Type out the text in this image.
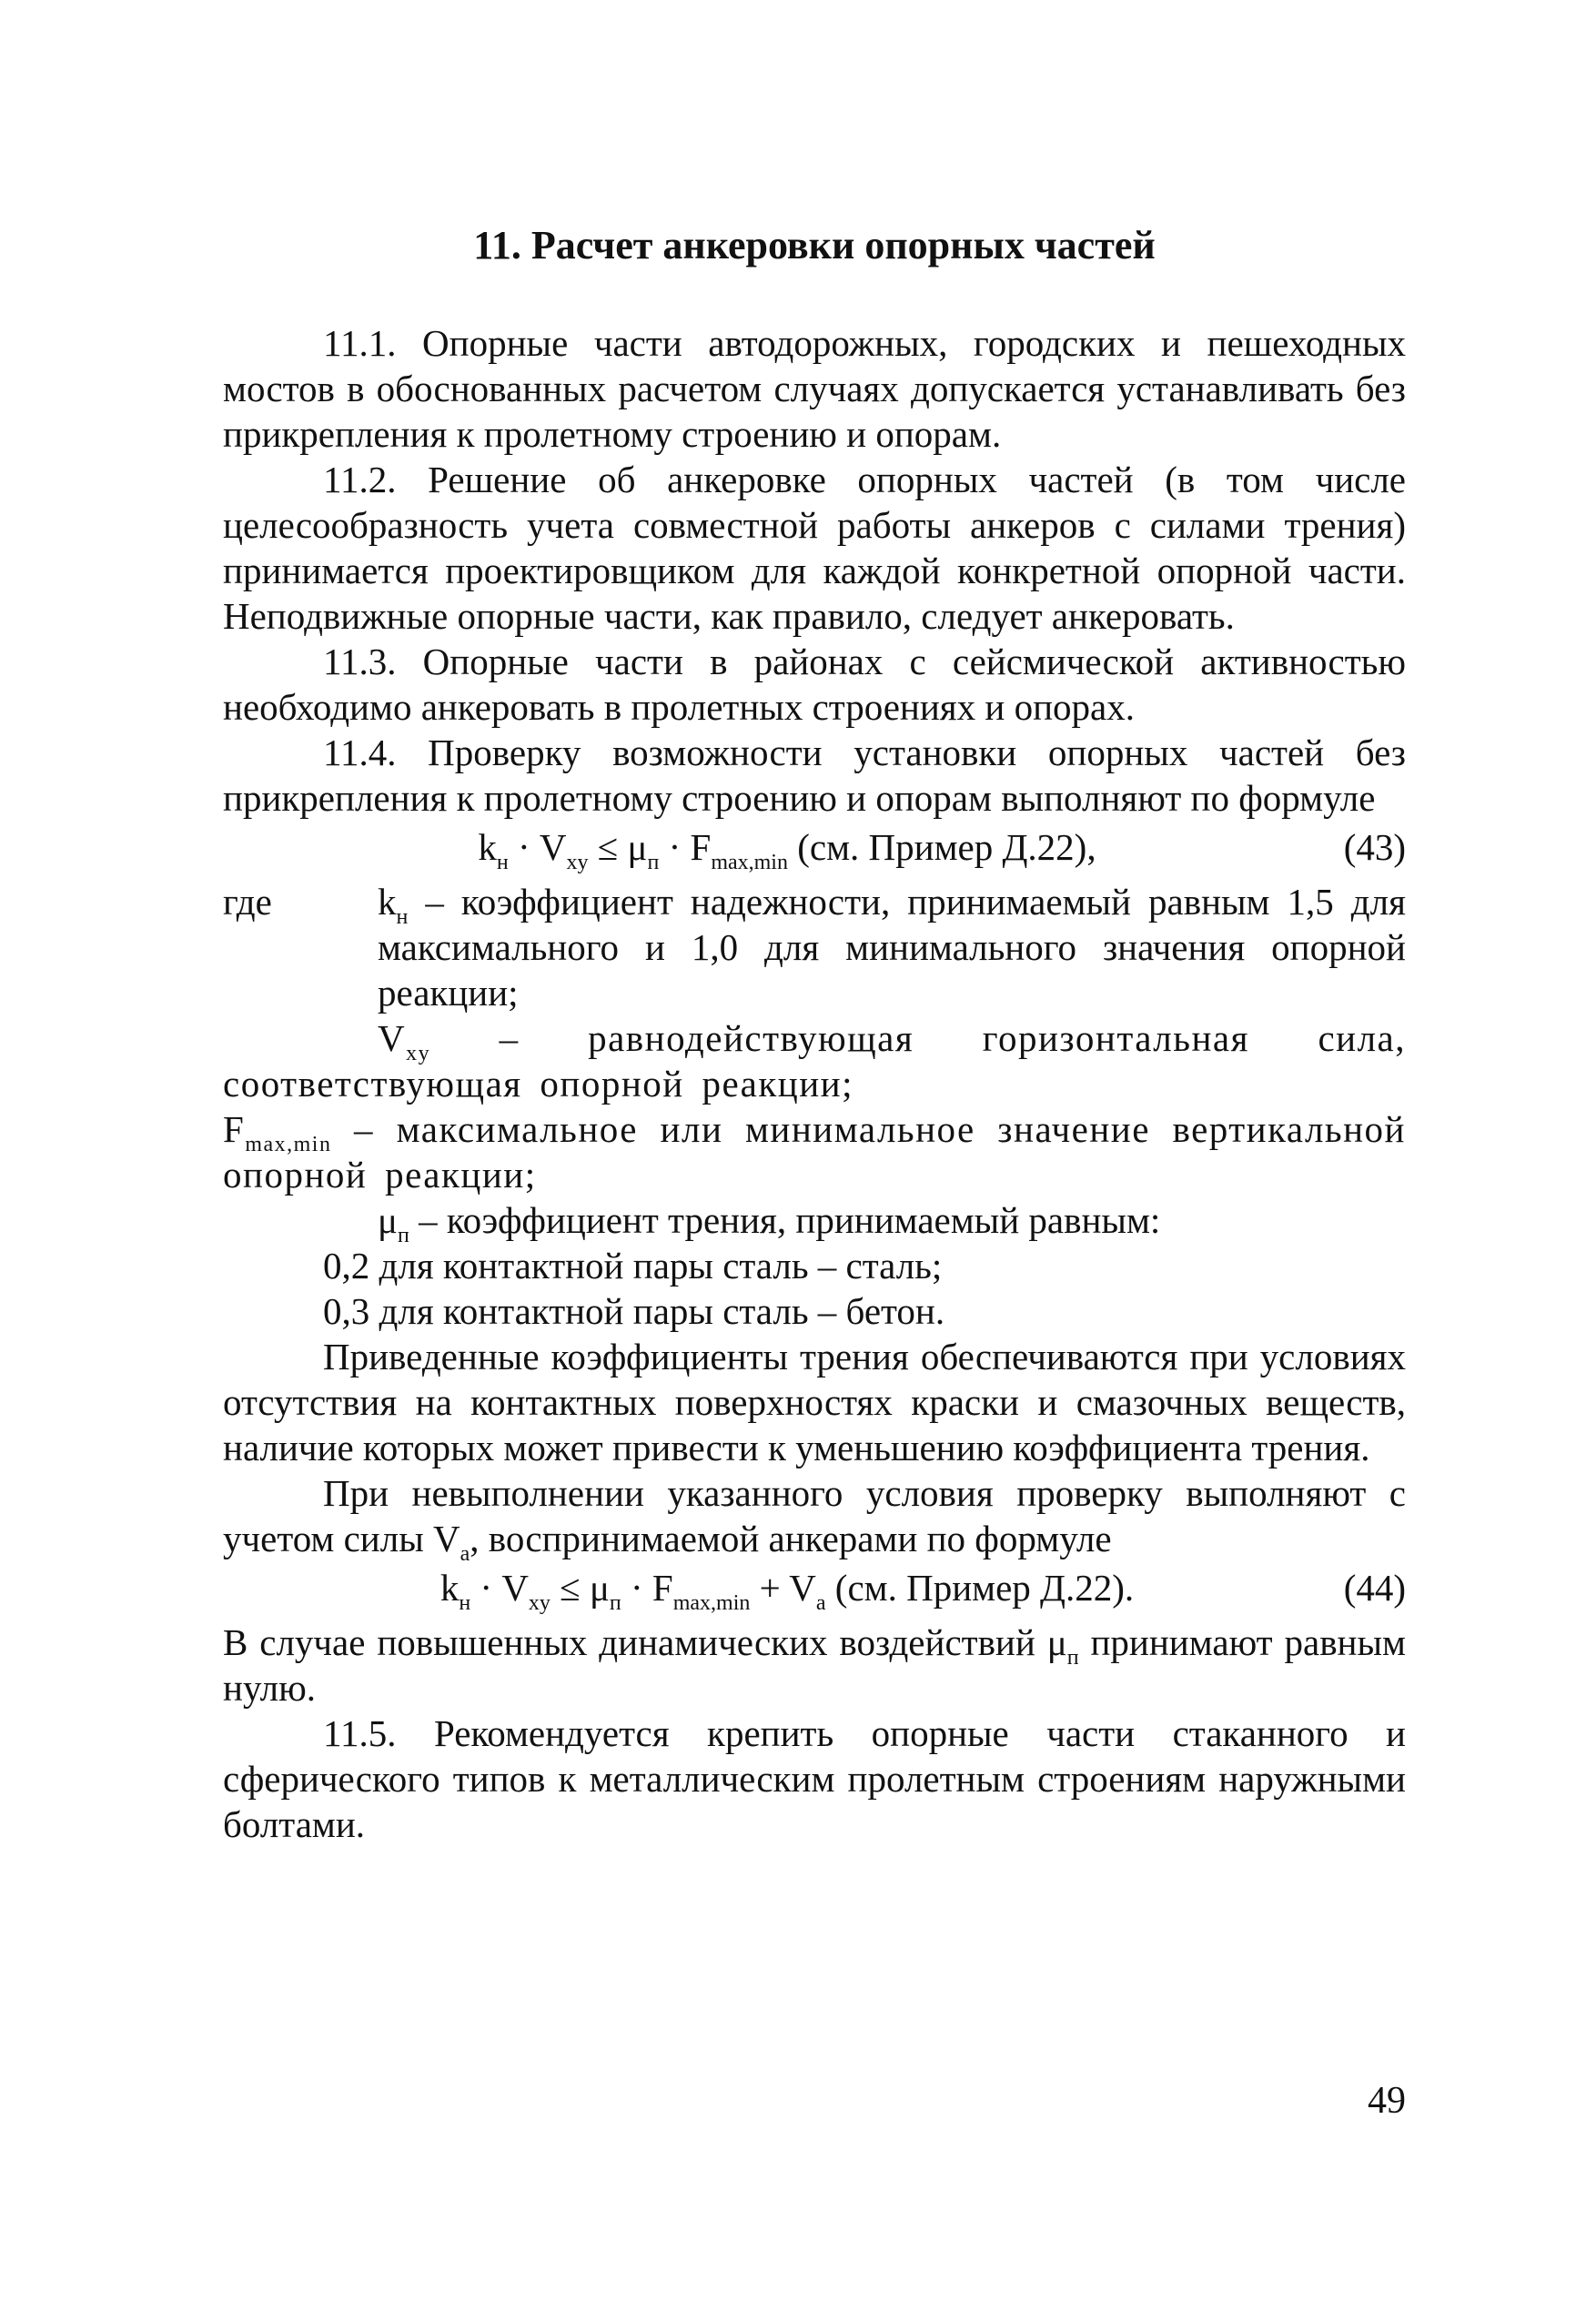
11. Расчет анкеровки опорных частей

11.1. Опорные части автодорожных, городских и пешеходных мостов в обоснованных расчетом случаях допускается устанавливать без прикрепления к пролетному строению и опорам.

11.2. Решение об анкеровке опорных частей (в том числе целесообразность учета совместной работы анкеров с силами трения) принимается проектировщиком для каждой конкретной опорной части. Неподвижные опорные части, как правило, следует анкеровать.

11.3. Опорные части в районах с сейсмической активностью необходимо анкеровать в пролетных строениях и опорах.

11.4. Проверку возможности установки опорных частей без прикрепления к пролетному строению и опорам выполняют по формуле

$k_н \cdot V_{xy} \le \mu_п \cdot F_{max,min}$ (см. Пример Д.22),	(43)
где	$k_н$ – коэффициент надежности, принимаемый равным 1,5 для максимального и 1,0 для минимального значения опорной реакции;

$V_{xy}$ – равнодействующая горизонтальная сила, соответствующая опорной реакции;

$F_{max,min}$ – максимальное или минимальное значение вертикальной опорной реакции;

$\mu_п$ – коэффициент трения, принимаемый равным:

0,2 для контактной пары сталь – сталь;

0,3 для контактной пары сталь – бетон.

Приведенные коэффициенты трения обеспечиваются при условиях отсутствия на контактных поверхностях краски и смазочных веществ, наличие которых может привести к уменьшению коэффициента трения.

При невыполнении указанного условия проверку выполняют с учетом силы $V_a$, воспринимаемой анкерами по формуле

$k_н \cdot V_{xy} \le \mu_п \cdot F_{max,min} + V_a$ (см. Пример Д.22).	(44)

В случае повышенных динамических воздействий $\mu_п$ принимают равным нулю.

11.5. Рекомендуется крепить опорные части стаканного и сферического типов к металлическим пролетным строениям наружными болтами.

49
